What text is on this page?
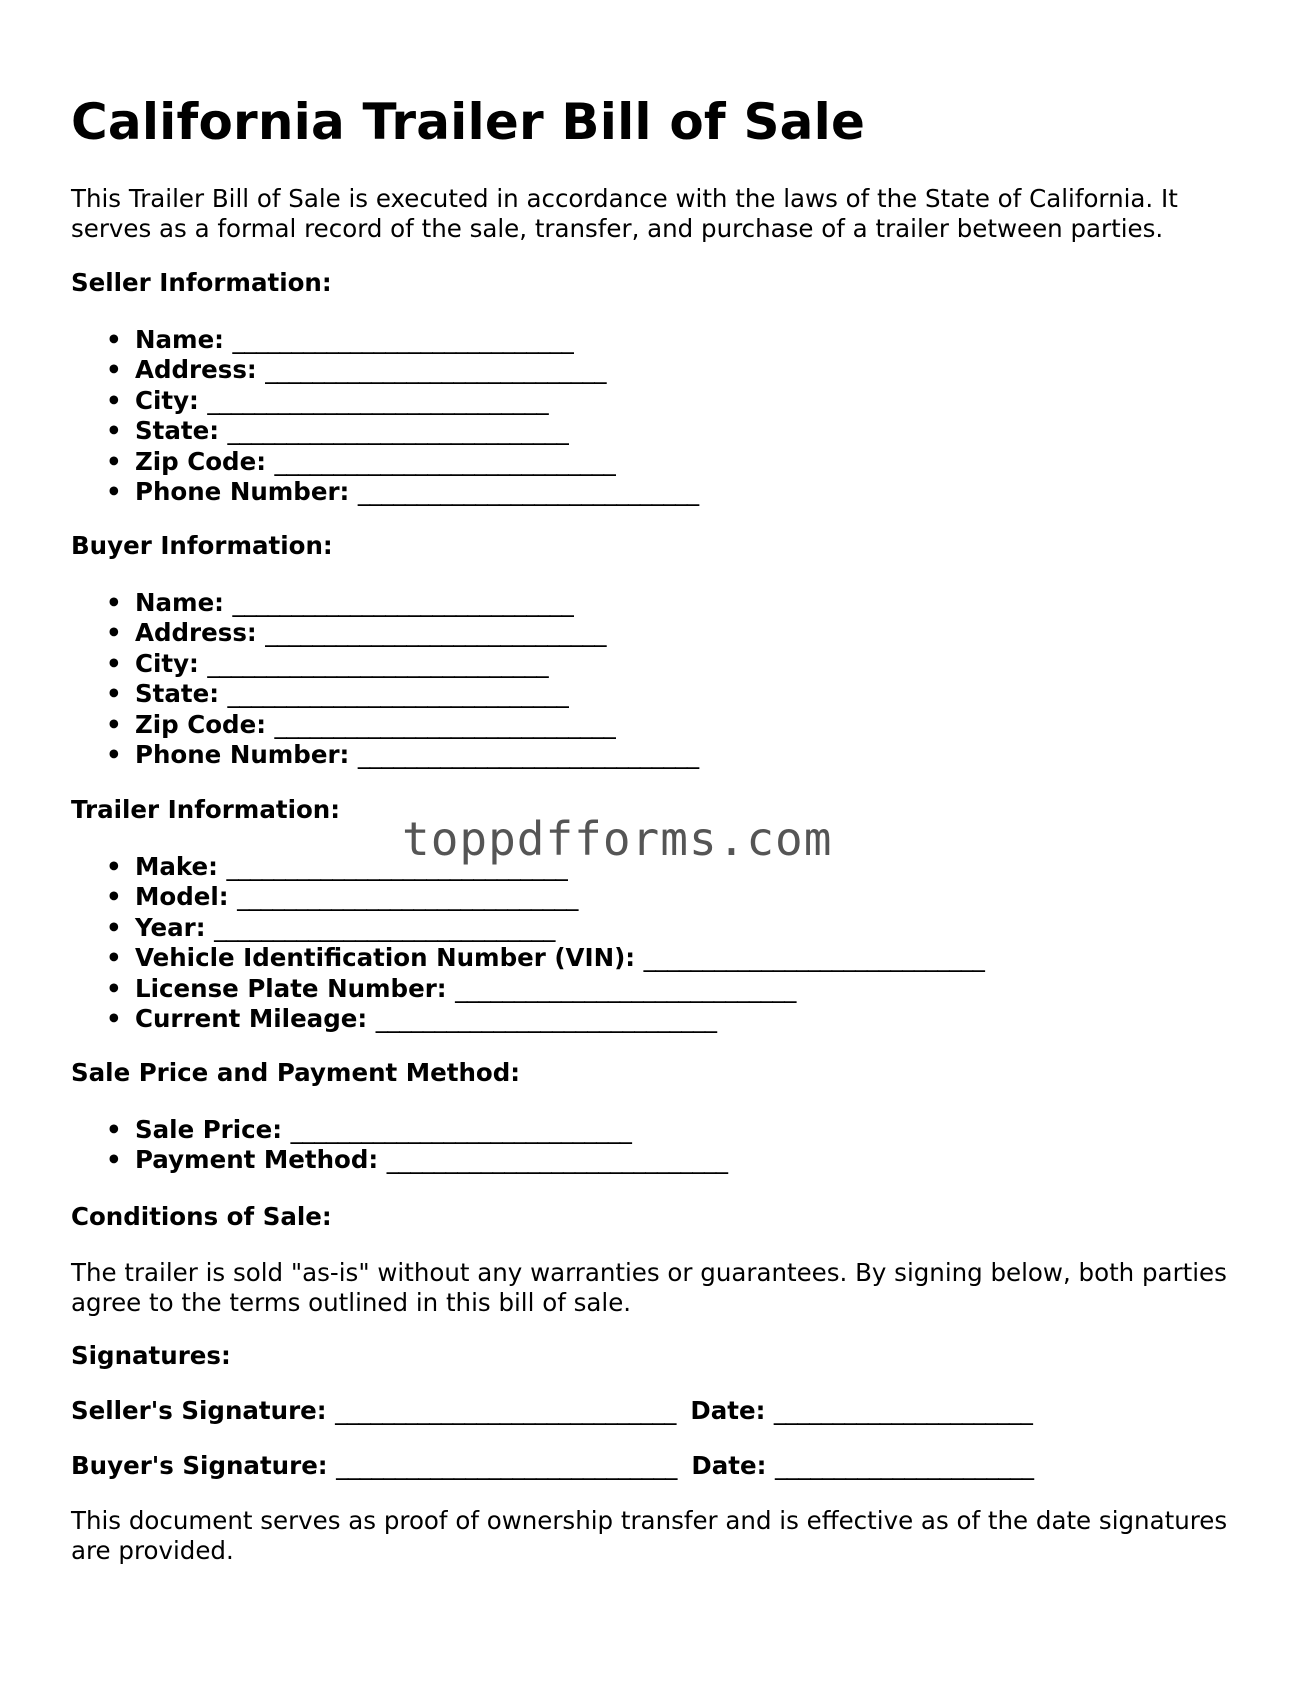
California Trailer Bill of Sale

This Trailer Bill of Sale is executed in accordance with the laws of the State of California. It serves as a formal record of the sale, transfer, and purchase of a trailer between parties.

Seller Information:
• Name: _____________________________
• Address: _____________________________
• City: _____________________________
• State: _____________________________
• Zip Code: _____________________________
• Phone Number: _____________________________
Buyer Information:
• Name: _____________________________
• Address: _____________________________
• City: _____________________________
• State: _____________________________
• Zip Code: _____________________________
• Phone Number: _____________________________
Trailer Information:
• Make: _____________________________
• Model: _____________________________
• Year: _____________________________
• Vehicle Identification Number (VIN): _____________________________
• License Plate Number: _____________________________
• Current Mileage: _____________________________
Sale Price and Payment Method:
• Sale Price: _____________________________
• Payment Method: _____________________________
Conditions of Sale:

The trailer is sold "as-is" without any warranties or guarantees. By signing below, both parties agree to the terms outlined in this bill of sale.

Signatures:
Seller's Signature: _____________________________ Date: ______________________
Buyer's Signature: _____________________________ Date: ______________________

This document serves as proof of ownership transfer and is effective as of the date signatures are provided.

toppdfforms.com
